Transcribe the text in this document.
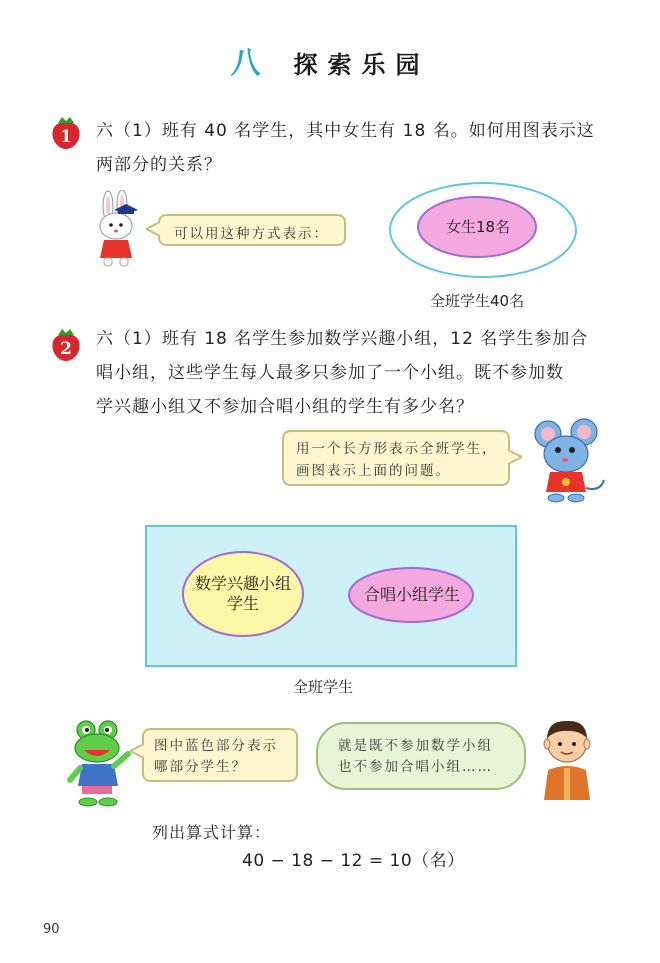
八 探索乐园
1 六（1）班有 40 名学生，其中女生有 18 名。如何用图表示这
两部分的关系？
可以用这种方式表示：	女生18名
全班学生40名
2 六（1）班有 18 名学生参加数学兴趣小组，12 名学生参加合
唱小组，这些学生每人最多只参加了一个小组。既不参加数
学兴趣小组又不参加合唱小组的学生有多少名？
用一个长方形表示全班学生，
画图表示上面的问题。
数学兴趣小组
学生	合唱小组学生
全班学生
图中蓝色部分表示
哪部分学生？
就是既不参加数学小组
也不参加合唱小组……
列出算式计算：
40 − 18 − 12 = 10（名）
90
